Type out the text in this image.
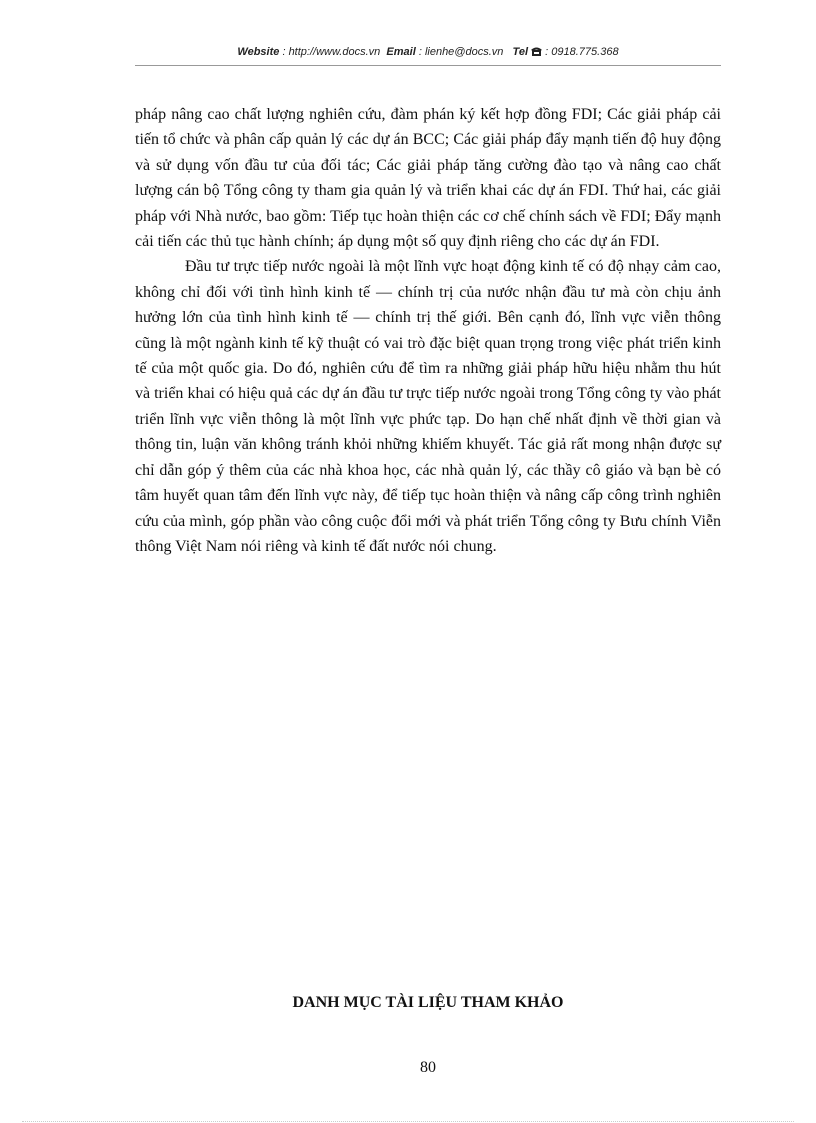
Website : http://www.docs.vn Email : lienhe@docs.vn Tel : 0918.775.368

pháp nâng cao chất lượng nghiên cứu, đàm phán ký kết hợp đồng FDI; Các giải pháp cải tiến tổ chức và phân cấp quản lý các dự án BCC; Các giải pháp đẩy mạnh tiến độ huy động và sử dụng vốn đầu tư của đối tác; Các giải pháp tăng cường đào tạo và nâng cao chất lượng cán bộ Tổng công ty tham gia quản lý và triển khai các dự án FDI. Thứ hai, các giải pháp với Nhà nước, bao gồm: Tiếp tục hoàn thiện các cơ chế chính sách về FDI; Đẩy mạnh cải tiến các thủ tục hành chính; áp dụng một số quy định riêng cho các dự án FDI.

Đầu tư trực tiếp nước ngoài là một lĩnh vực hoạt động kinh tế có độ nhạy cảm cao, không chỉ đối với tình hình kinh tế — chính trị của nước nhận đầu tư mà còn chịu ảnh hưởng lớn của tình hình kinh tế — chính trị thế giới. Bên cạnh đó, lĩnh vực viễn thông cũng là một ngành kinh tế kỹ thuật có vai trò đặc biệt quan trọng trong việc phát triển kinh tế của một quốc gia. Do đó, nghiên cứu để tìm ra những giải pháp hữu hiệu nhằm thu hút và triển khai có hiệu quả các dự án đầu tư trực tiếp nước ngoài trong Tổng công ty vào phát triển lĩnh vực viễn thông là một lĩnh vực phức tạp. Do hạn chế nhất định về thời gian và thông tin, luận văn không tránh khỏi những khiếm khuyết. Tác giả rất mong nhận được sự chỉ dẫn góp ý thêm của các nhà khoa học, các nhà quản lý, các thầy cô giáo và bạn bè có tâm huyết quan tâm đến lĩnh vực này, để tiếp tục hoàn thiện và nâng cấp công trình nghiên cứu của mình, góp phần vào công cuộc đổi mới và phát triển Tổng công ty Bưu chính Viễn thông Việt Nam nói riêng và kinh tế đất nước nói chung.

DANH MỤC TÀI LIỆU THAM KHẢO
80
